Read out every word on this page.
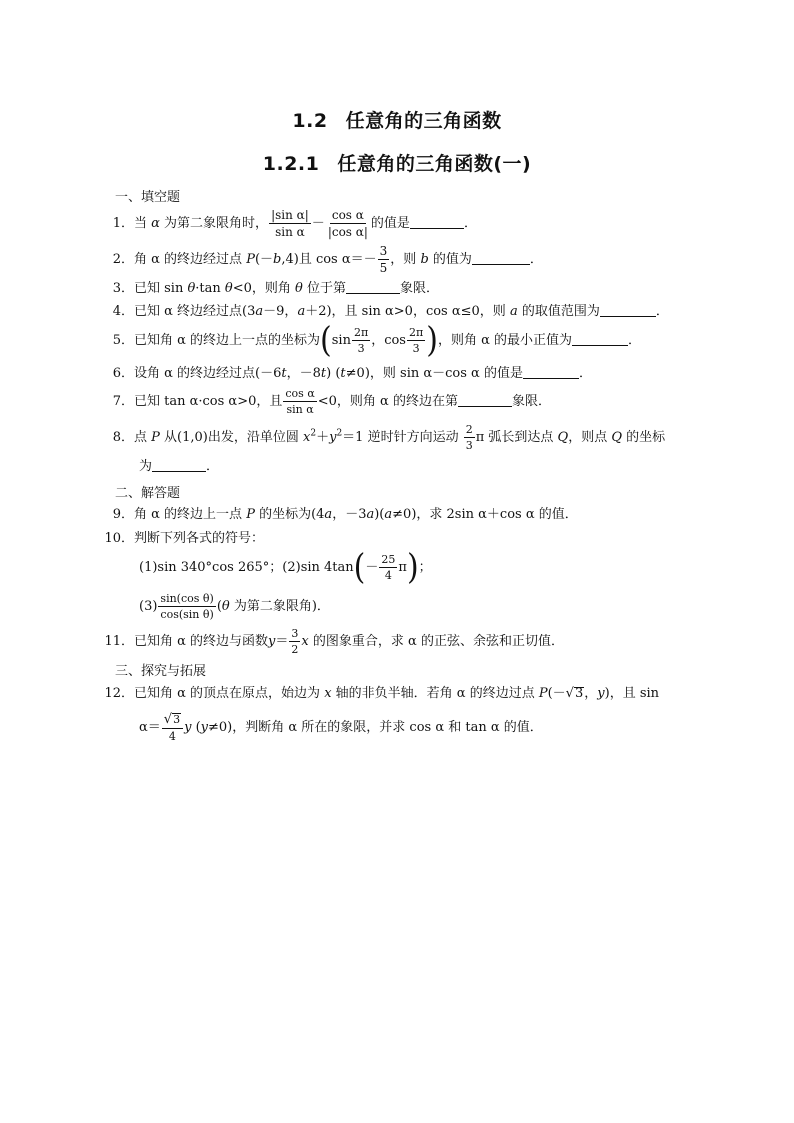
1.2 任意角的三角函数
1.2.1 任意角的三角函数(一)
一、填空题
1．当 α 为第二象限角时， $\frac{\text{|sin α|}}{\text{sin α}} - \frac{\text{cos α}}{\text{|cos α|}}$ 的值是	．
2．角 α 的终边经过点 P(－b,4)且 $\cos \alpha=- \frac{3}{5}$ ，则 b 的值为	．
3．已知 sin θ·tan θ<0，则角 θ 位于第	象限．
4．已知 α 终边经过点(3a－9，a＋2)，且 sin α>0，cos α≤0，则 a 的取值范围为	．
5．已知角 α 的终边上一点的坐标为($\sin \frac{2\pi}{3}$ ，$\cos \frac{2\pi}{3}$ )，则角 α 的最小正值为	．
6．设角 α 的终边经过点(－6t，－8t) (t≠0)，则 sin α－cos α 的值是	．
7．已知 tan α·cos α>0，且 $\frac{\text{cos α}}{\text{sin α}} <0$，则角 α 的终边在第	象限．
8．点 P 从(1,0)出发，沿单位圆 $x^2+y^2=1$ 逆时针方向运动 $\frac{2}{3}$ π 弧长到达点 Q，则点 Q 的坐标
为	．
二、解答题
9．角 α 的终边上一点 P 的坐标为(4a，－3a)(a≠0)，求 2sin α＋cos α 的值．
10．判断下列各式的符号：
(1)sin 340°cos 265°；(2)sin $4\tan(- \frac{25}{4} \pi)$；
$(3) \frac{\text{sin(cos θ)}}{\text{cos(sin θ)}} (\theta$ 为第二象限角)．
11．已知角 α 的终边与函数$y= \frac{3}{2}$ x 的图象重合，求 α 的正弦、余弦和正切值．
三、探究与拓展
12．已知角 α 的顶点在原点，始边为 x 轴的非负半轴．若角 α 的终边过点 P(－√3，y)，且 sin
$\alpha= \frac{√3}{4}$ y (y≠0)，判断角 α 所在的象限，并求 cos α 和 tan α 的值．
